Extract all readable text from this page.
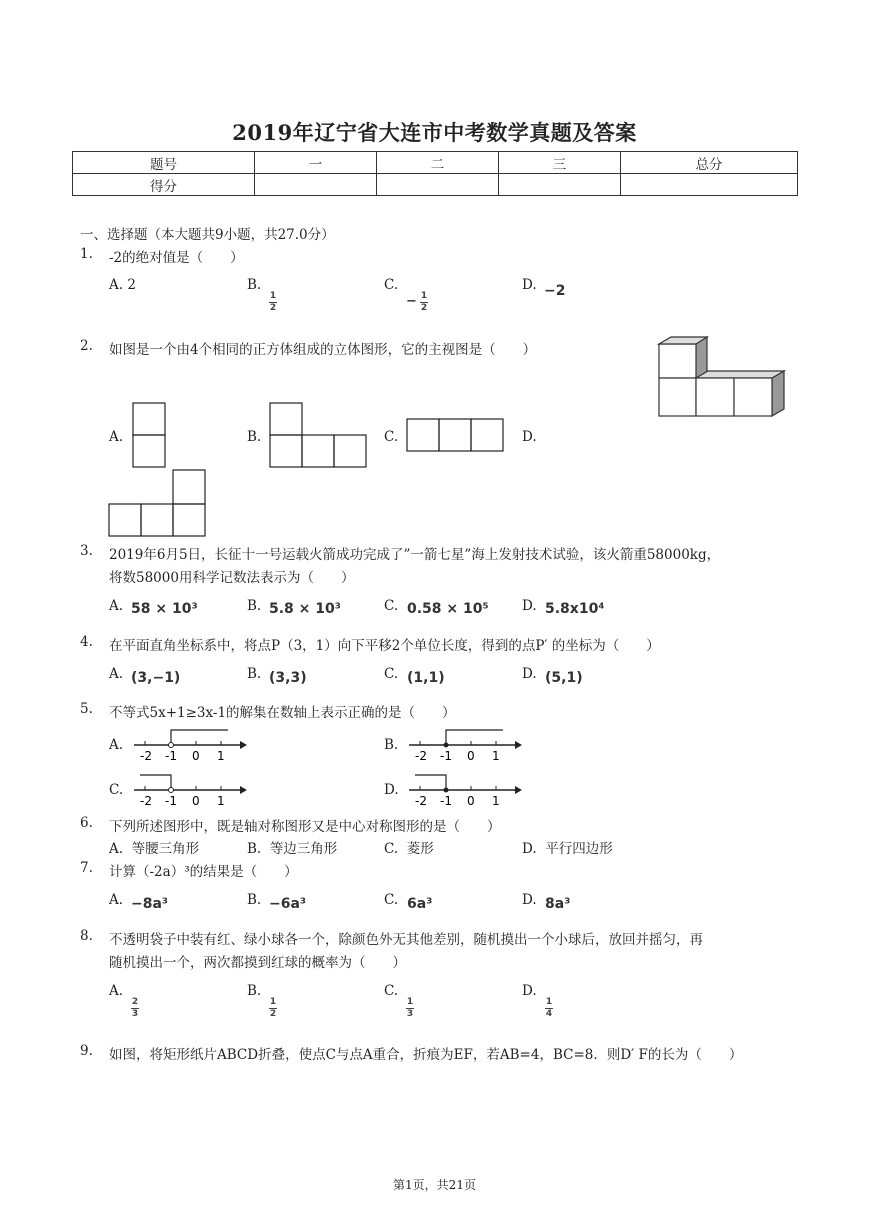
2019年辽宁省大连市中考数学真题及答案
题号	一	二	三	总分
得分				
一、选择题（本大题共9小题，共27.0分）
1. -2的绝对值是（　　）
A. 2	B.
1
2
C.
− 1
2
D. −2
2. 如图是一个由4个相同的正方体组成的立体图形，它的主视图是（　　）
A.	B.	C.	D.
3. 2019年6月5日，长征十一号运载火箭成功完成了”一箭七星”海上发射技术试验，该火箭重58000kg，
将数58000用科学记数法表示为（　　）
A. 58 × 10³	B. 5.8 × 10³	C. 0.58 × 10⁵ D. 5.8x10⁴
4. 在平面直角坐标系中，将点P（3，1）向下平移2个单位长度，得到的点P′ 的坐标为（　　）
A. (3,−1)	B. (3,3)	C. (1,1)	D. (5,1)
5. 不等式5x+1≥3x-1的解集在数轴上表示正确的是（　　）
A.
-2 -1 0 1
B.
-2 -1 0 1
C.
-2 -1 0 1
D.
-2 -1 0 1
6. 下列所述图形中，既是轴对称图形又是中心对称图形的是（　　）
A. 等腰三角形	B. 等边三角形	C. 菱形	D. 平行四边形
7. 计算（-2a）³的结果是（　　）
A. −8a³	B. −6a³	C. 6a³	D. 8a³
8. 不透明袋子中装有红、绿小球各一个，除颜色外无其他差别，随机摸出一个小球后，放回并摇匀，再
随机摸出一个，两次都摸到红球的概率为（　　）
A.
2
3
B.
1
2
C.
1
3
D.
1
4
9. 如图，将矩形纸片ABCD折叠，使点C与点A重合，折痕为EF，若AB=4，BC=8．则D′ F的长为（　　）
第1页，共21页
